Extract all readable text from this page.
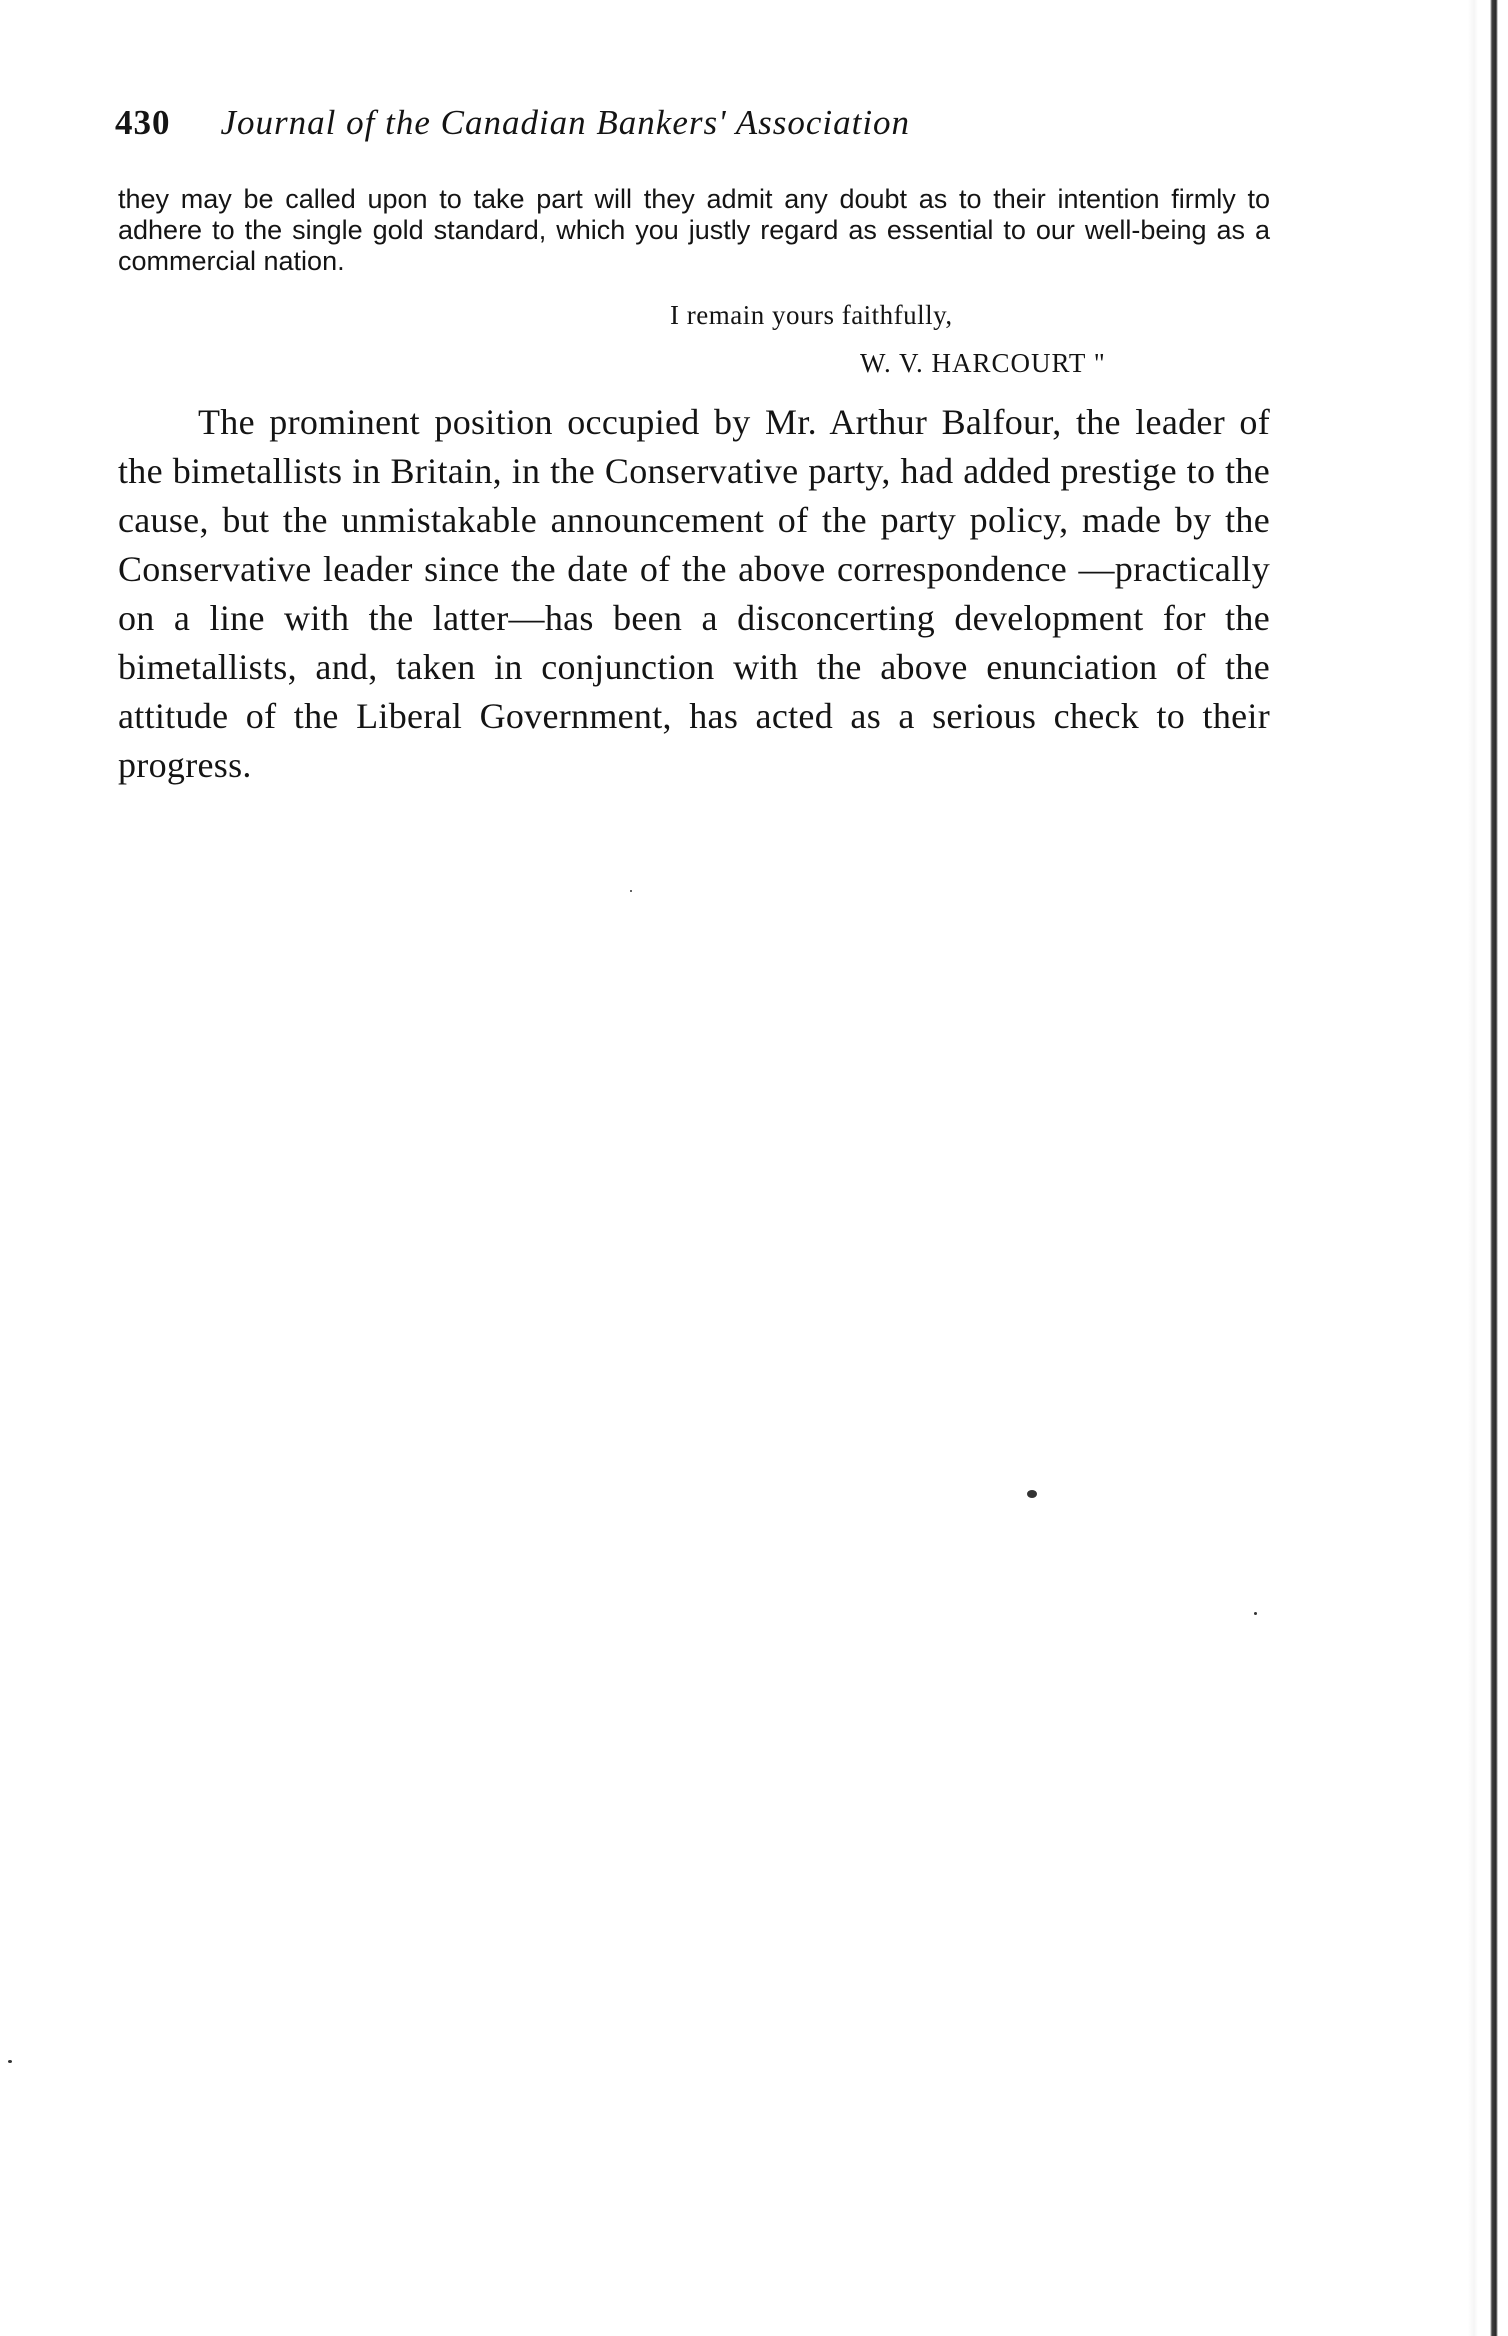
430 Journal of the Canadian Bankers' Association

they may be called upon to take part will they admit any doubt as to their intention firmly to adhere to the single gold standard, which you justly regard as essential to our well-being as a commercial nation.

I remain yours faithfully,
W. V. HARCOURT "

The prominent position occupied by Mr. Arthur Balfour, the leader of the bimetallists in Britain, in the Conservative party, had added prestige to the cause, but the unmistakable announcement of the party policy, made by the Conservative leader since the date of the above correspondence —practically on a line with the latter—has been a disconcerting development for the bimetallists, and, taken in conjunction with the above enunciation of the attitude of the Liberal Government, has acted as a serious check to their progress.
